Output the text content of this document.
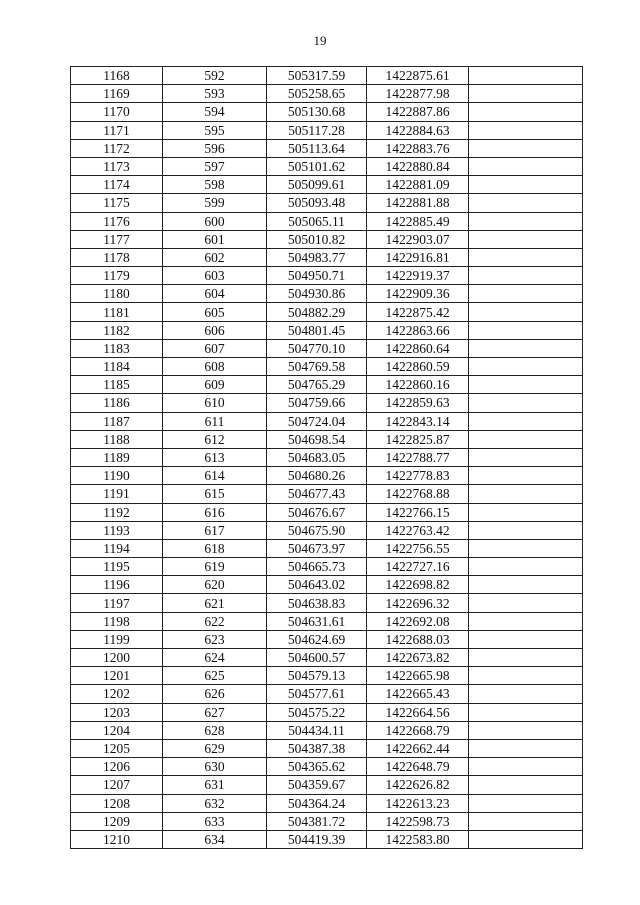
19
1168	592	505317.59	1422875.61	
1169	593	505258.65	1422877.98	
1170	594	505130.68	1422887.86	
1171	595	505117.28	1422884.63	
1172	596	505113.64	1422883.76	
1173	597	505101.62	1422880.84	
1174	598	505099.61	1422881.09	
1175	599	505093.48	1422881.88	
1176	600	505065.11	1422885.49	
1177	601	505010.82	1422903.07	
1178	602	504983.77	1422916.81	
1179	603	504950.71	1422919.37	
1180	604	504930.86	1422909.36	
1181	605	504882.29	1422875.42	
1182	606	504801.45	1422863.66	
1183	607	504770.10	1422860.64	
1184	608	504769.58	1422860.59	
1185	609	504765.29	1422860.16	
1186	610	504759.66	1422859.63	
1187	611	504724.04	1422843.14	
1188	612	504698.54	1422825.87	
1189	613	504683.05	1422788.77	
1190	614	504680.26	1422778.83	
1191	615	504677.43	1422768.88	
1192	616	504676.67	1422766.15	
1193	617	504675.90	1422763.42	
1194	618	504673.97	1422756.55	
1195	619	504665.73	1422727.16	
1196	620	504643.02	1422698.82	
1197	621	504638.83	1422696.32	
1198	622	504631.61	1422692.08	
1199	623	504624.69	1422688.03	
1200	624	504600.57	1422673.82	
1201	625	504579.13	1422665.98	
1202	626	504577.61	1422665.43	
1203	627	504575.22	1422664.56	
1204	628	504434.11	1422668.79	
1205	629	504387.38	1422662.44	
1206	630	504365.62	1422648.79	
1207	631	504359.67	1422626.82	
1208	632	504364.24	1422613.23	
1209	633	504381.72	1422598.73	
1210	634	504419.39	1422583.80	
